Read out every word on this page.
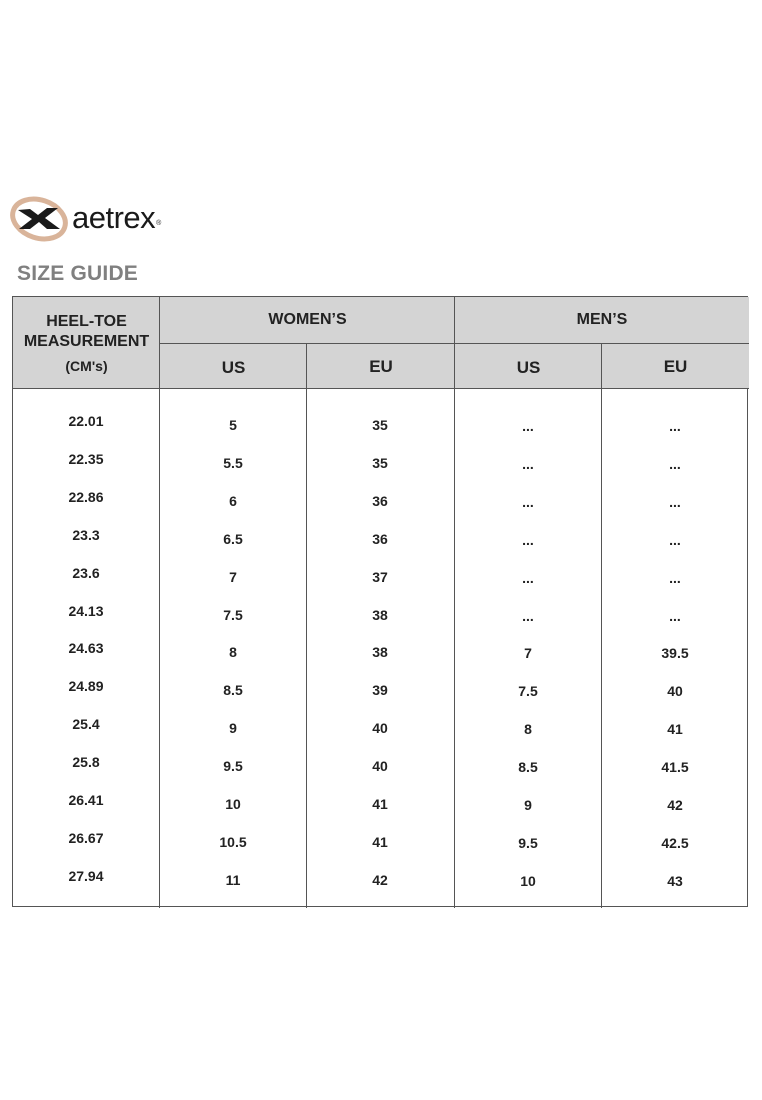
aetrex ®
SIZE GUIDE
HEEL-TOE
MEASUREMENT
(CM's)
WOMEN’S	MEN’S
US	EU	US	EU
22.01	5	35	...	...
22.35	5.5	35	...	...
22.86	6	36	...	...
23.3	6.5	36	...	...
23.6	7	37	...	...
24.13	7.5	38	...	...
24.63	8	38	7	39.5
24.89	8.5	39	7.5	40
25.4	9	40	8	41
25.8	9.5	40	8.5	41.5
26.41	10	41	9	42
26.67	10.5	41	9.5	42.5
27.94	11	42	10	43
